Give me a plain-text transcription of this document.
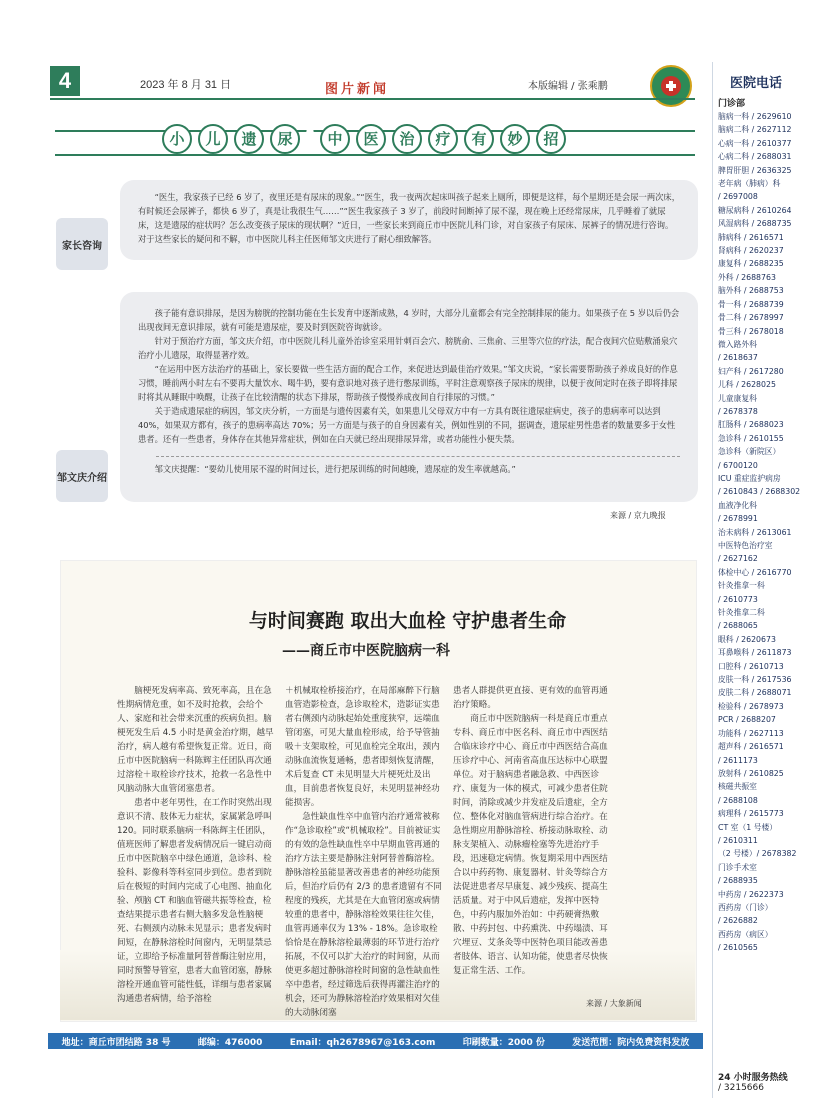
4	2023 年 8 月 31 日	图片新闻	本版编辑 / 张乘鹏
小	儿	遗	尿	中	医	治	疗	有	妙	招
家长咨询

“医生，我家孩子已经 6 岁了，夜里还是有尿床的现象。”“医生，我一夜两次起床叫孩子起来上厕所，即便是这样，每个星期还是会尿一两次床，有时候还会尿裤子，都快 6 岁了，真是让我很生气……”“医生我家孩子 3 岁了，前段时间断掉了尿不湿，现在晚上还经常尿床，几乎睡着了就尿床，这是遗尿的症状吗？怎么改变孩子尿床的现状啊？”近日，一些家长来到商丘市中医院儿科门诊，对自家孩子有尿床、尿裤子的情况进行咨询。对于这些家长的疑问和不解，市中医院儿科主任医师邹文庆进行了耐心细致解答。

邹文庆介绍

孩子能有意识排尿，是因为膀胱的控制功能在生长发育中逐渐成熟，4 岁时，大部分儿童都会有完全控制排尿的能力。如果孩子在 5 岁以后仍会出现夜间无意识排尿，就有可能是遗尿症，要及时到医院咨询就诊。

针对于预治疗方面，邹文庆介绍，市中医院儿科儿童外治诊室采用针刺百会穴、膀胱俞、三焦俞、三里等穴位的疗法，配合夜间穴位贴敷涌泉穴治疗小儿遗尿，取得显著疗效。

“在运用中医方法治疗的基础上，家长要做一些生活方面的配合工作，来促进达到最佳治疗效果。”邹文庆说，“家长需要帮助孩子养成良好的作息习惯，睡前两小时左右不要再大量饮水、喝牛奶，要有意识地对孩子进行憋尿训练，平时注意观察孩子尿床的规律，以便于夜间定时在孩子即将排尿时将其从睡眠中唤醒，让孩子在比较清醒的状态下排尿，帮助孩子慢慢养成夜间自行排尿的习惯。”

关于造成遗尿症的病因，邹文庆分析，一方面是与遗传因素有关，如果患儿父母双方中有一方具有既往遗尿症病史，孩子的患病率可以达到 40%，如果双方都有，孩子的患病率高达 70%；另一方面是与孩子的自身因素有关，例如性别的不同，据调查，遗尿症男性患者的数量要多于女性患者。还有一些患者，身体存在其他异常症状，例如在白天就已经出现排尿异常，或者功能性小便失禁。

邹文庆提醒：“要幼儿使用尿不湿的时间过长，进行把尿训练的时间越晚，遗尿症的发生率就越高。”

来源 / 京九晚报
与时间赛跑 取出大血栓 守护患者生命
——商丘市中医院脑病一科

脑梗死发病率高、致死率高，且在急性期病情危重，如不及时抢救，会给个人、家庭和社会带来沉重的疾病负担。脑梗死发生后 4.5 小时是黄金治疗期，越早治疗，病人越有希望恢复正常。近日，商丘市中医院脑病一科陈辉主任团队再次通过溶栓＋取栓诊疗技术，抢救一名急性中风脑动脉大血管闭塞患者。

患者中老年男性，在工作时突然出现意识不清、肢体无力症状，家属紧急呼叫 120。同时联系脑病一科陈辉主任团队，值班医师了解患者发病情况后一键启动商丘市中医院脑卒中绿色通道，急诊科、检验科、影像科等科室同步到位。患者到院后在极短的时间内完成了心电图、抽血化验、颅脑 CT 和脑血管磁共振等检查，检查结果提示患者右侧大脑多发急性脑梗死、右侧颈内动脉未见显示；患者发病时间短，在静脉溶栓时间窗内，无明显禁忌证，立即给予标准量阿替普酶注射应用，同时预警导管室，患者大血管闭塞，静脉溶栓开通血管可能性低，详细与患者家属沟通患者病情，给予溶栓

＋机械取栓桥接治疗，在局部麻醉下行脑血管造影检查，急诊取栓术，造影证实患者右侧颈内动脉起始处重度狭窄，远端血管闭塞，可见大量血栓形成，给予导管抽吸＋支架取栓，可见血栓完全取出，颈内动脉血流恢复通畅，患者即刻恢复清醒，术后复查 CT 未见明显大片梗死灶及出血，目前患者恢复良好，未见明显神经功能损害。

急性缺血性卒中血管内治疗通常被称作“急诊取栓”或“机械取栓”。目前被证实的有效的急性缺血性卒中早期血管再通的治疗方法主要是静脉注射阿替普酶溶栓。静脉溶栓虽能显著改善患者的神经功能预后，但治疗后仍有 2/3 的患者遗留有不同程度的残疾，尤其是在大血管闭塞或病情较重的患者中，静脉溶栓效果往往欠佳，血管再通率仅为 13% - 18%。急诊取栓恰恰是在静脉溶栓最薄弱的环节进行治疗拓展，不仅可以扩大治疗的时间窗，从而使更多超过静脉溶栓时间窗的急性缺血性卒中患者，经过筛选后获得再灌注治疗的机会，还可为静脉溶栓治疗效果相对欠佳的大动脉闭塞

患者人群提供更直接、更有效的血管再通治疗策略。

商丘市中医院脑病一科是商丘市重点专科、商丘市中医名科、商丘市中西医结合临床诊疗中心、商丘市中西医结合高血压诊疗中心、河南省高血压达标中心联盟单位。对于脑病患者融急救、中西医诊疗、康复为一体的模式，可减少患者住院时间，消除或减少并发症及后遗症，全方位、整体化对脑血管病进行综合治疗。在急性期应用静脉溶栓、桥接动脉取栓、动脉支架植入、动脉瘤栓塞等先进治疗手段，迅速稳定病情。恢复期采用中西医结合以中药药物、康复器材、针灸等综合方法促进患者尽早康复、减少残疾、提高生活质量。对于中风后遗症，发挥中医特色，中药内服加外治如：中药硬膏热敷散、中药封包、中药熏洗、中药塌渍、耳穴埋豆、艾条灸等中医特色项目能改善患者肢体、语言、认知功能，使患者尽快恢复正常生活、工作。

来源 / 大象新闻
地址：商丘市团结路 38 号	邮编：476000	Email：qh2678967@163.com	印刷数量：2000 份	发送范围：院内免费资料发放
医院电话
门诊部
脑病一科 / 2629610
脑病二科 / 2627112
心病一科 / 2610377
心病二科 / 2688031
脾胃肝胆 / 2636325
老年病（肺病）科
/ 2697008
糖尿病科 / 2610264
风湿病科 / 2688735
肺病科 / 2616571
肾病科 / 2620237
康复科 / 2688235
外科 / 2688763
脑外科 / 2688753
骨一科 / 2688739
骨二科 / 2678997
骨三科 / 2678018
微入路外科
/ 2618637
妇产科 / 2617280
儿科 / 2628025
儿童康复科
/ 2678378
肛肠科 / 2688023
急诊科 / 2610155
急诊科（新院区）
/ 6700120
ICU 重症监护病房
/ 2610843 / 2688302
血液净化科
/ 2678991
治未病科 / 2613061
中医特色治疗室
/ 2627162
体检中心 / 2616770
针灸推拿一科
/ 2610773
针灸推拿二科
/ 2688065
眼科 / 2620673
耳鼻喉科 / 2611873
口腔科 / 2610713
皮肤一科 / 2617536
皮肤二科 / 2688071
检验科 / 2678973
PCR / 2688207
功能科 / 2627113
超声科 / 2616571
/ 2611173
放射科 / 2610825
核磁共振室
/ 2688108
病理科 / 2615773
CT 室（1 号楼）
/ 2610311
（2 号楼）/ 2678382
门诊手术室
/ 2688935
中药房 / 2622373
西药房（门诊）
/ 2626882
西药房（病区）
/ 2610565
24 小时服务热线
/ 3215666
